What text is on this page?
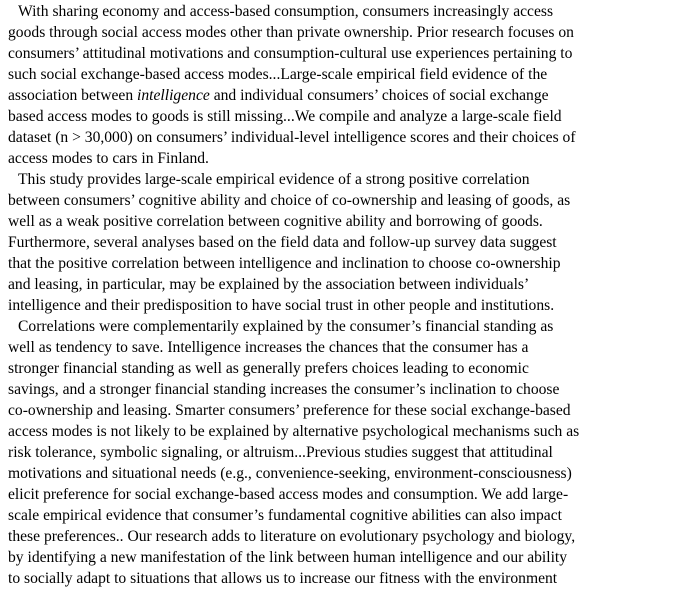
With sharing economy and access-based consumption, consumers increasingly access
goods through social access modes other than private ownership. Prior research focuses on
consumers’ attitudinal motivations and consumption-cultural use experiences pertaining to
such social exchange-based access modes...Large-scale empirical field evidence of the
association between intelligence and individual consumers’ choices of social exchange
based access modes to goods is still missing...We compile and analyze a large-scale field
dataset (n > 30,000) on consumers’ individual-level intelligence scores and their choices of
access modes to cars in Finland.
This study provides large-scale empirical evidence of a strong positive correlation
between consumers’ cognitive ability and choice of co-ownership and leasing of goods, as
well as a weak positive correlation between cognitive ability and borrowing of goods.
Furthermore, several analyses based on the field data and follow-up survey data suggest
that the positive correlation between intelligence and inclination to choose co-ownership
and leasing, in particular, may be explained by the association between individuals’
intelligence and their predisposition to have social trust in other people and institutions.
Correlations were complementarily explained by the consumer’s financial standing as
well as tendency to save. Intelligence increases the chances that the consumer has a
stronger financial standing as well as generally prefers choices leading to economic
savings, and a stronger financial standing increases the consumer’s inclination to choose
co-ownership and leasing. Smarter consumers’ preference for these social exchange-based
access modes is not likely to be explained by alternative psychological mechanisms such as
risk tolerance, symbolic signaling, or altruism...Previous studies suggest that attitudinal
motivations and situational needs (e.g., convenience-seeking, environment-consciousness)
elicit preference for social exchange-based access modes and consumption. We add large-
scale empirical evidence that consumer’s fundamental cognitive abilities can also impact
these preferences.. Our research adds to literature on evolutionary psychology and biology,
by identifying a new manifestation of the link between human intelligence and our ability
to socially adapt to situations that allows us to increase our fitness with the environment
